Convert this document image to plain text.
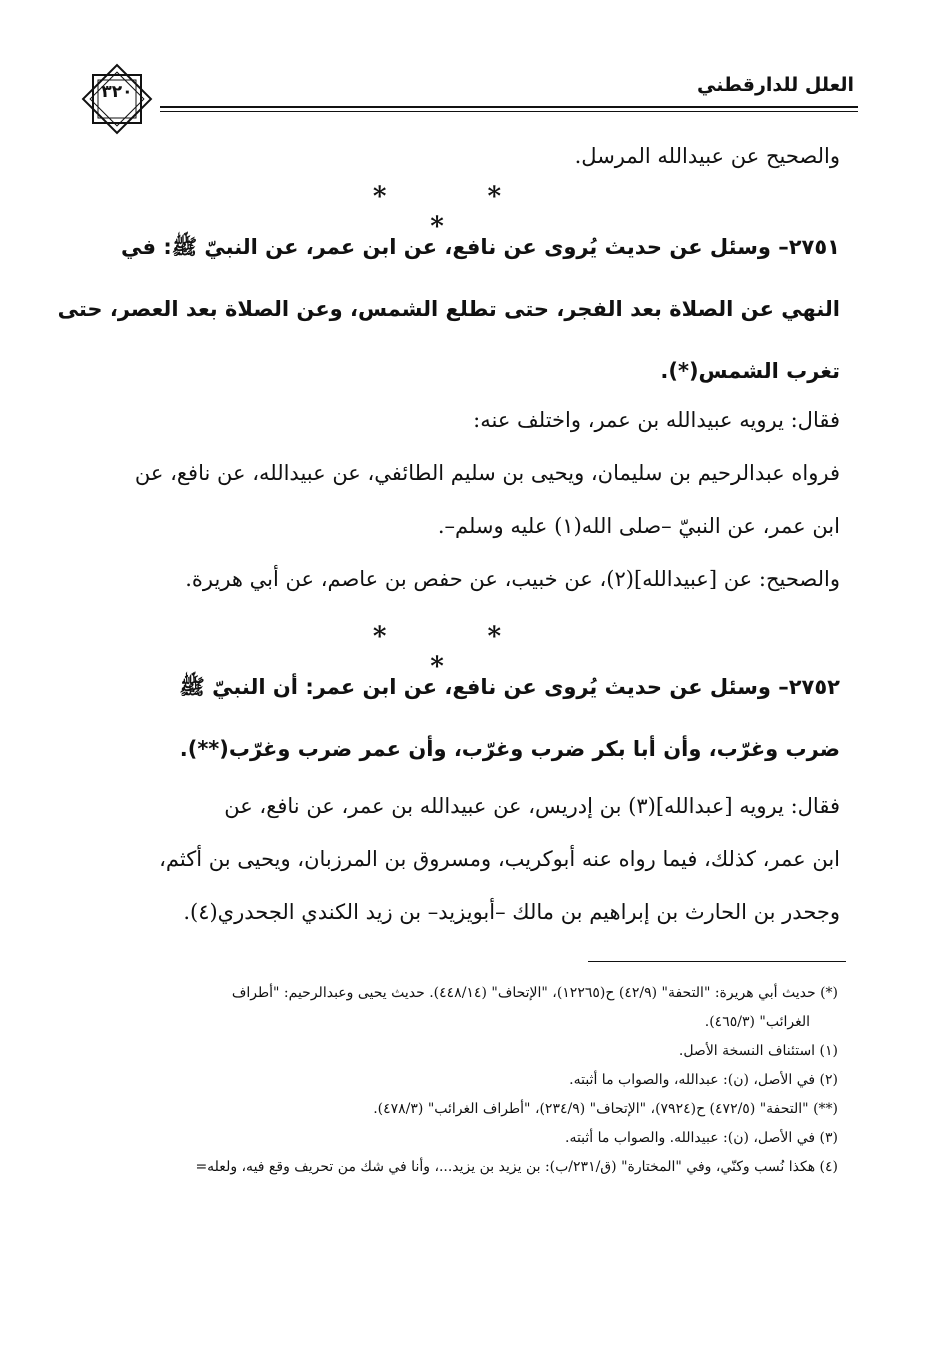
العلل للدارقطني
٣٢٠
والصحيح عن عبيدالله المرسل.
* * *
٢٧٥١– وسئل عن حديث يُروى عن نافع، عن ابن عمر، عن النبيّ ﷺ: في
النهي عن الصلاة بعد الفجر، حتى تطلع الشمس، وعن الصلاة بعد العصر، حتى
تغرب الشمس(*).
فقال: يرويه عبيدالله بن عمر، واختلف عنه:
فرواه عبدالرحيم بن سليمان، ويحيى بن سليم الطائفي، عن عبيدالله، عن نافع، عن
ابن عمر، عن النبيّ –صلى الله(١) عليه وسلم–.
والصحيح: عن [عبيدالله](٢)، عن خبيب، عن حفص بن عاصم، عن أبي هريرة.
* * *
٢٧٥٢– وسئل عن حديث يُروى عن نافع، عن ابن عمر: أن النبيّ ﷺ
ضرب وغرّب، وأن أبا بكر ضرب وغرّب، وأن عمر ضرب وغرّب(**).
فقال: يرويه [عبدالله](٣) بن إدريس، عن عبيدالله بن عمر، عن نافع، عن
ابن عمر، كذلك، فيما رواه عنه أبوكريب، ومسروق بن المرزبان، ويحيى بن أكثم،
وجحدر بن الحارث بن إبراهيم بن مالك –أبويزيد– بن زيد الكندي الجحدري(٤).
(*) حديث أبي هريرة: "التحفة" (٤٢/٩) ح(١٢٢٦٥)، "الإتحاف" (٤٤٨/١٤). حديث يحيى وعبدالرحيم: "أطراف
الغرائب" (٤٦٥/٣).
(١) استئناف النسخة الأصل.
(٢) في الأصل، (ن): عبدالله، والصواب ما أثبته.
(**) "التحفة" (٤٧٢/٥) ح(٧٩٢٤)، "الإتحاف" (٢٣٤/٩)، "أطراف الغرائب" (٤٧٨/٣).
(٣) في الأصل، (ن): عبيدالله. والصواب ما أثبته.
(٤) هكذا نُسب وكنّي، وفي "المختارة" (ق/٢٣١/ب): بن يزيد بن يزيد...، وأنا في شك من تحريف وقع فيه، ولعله=
